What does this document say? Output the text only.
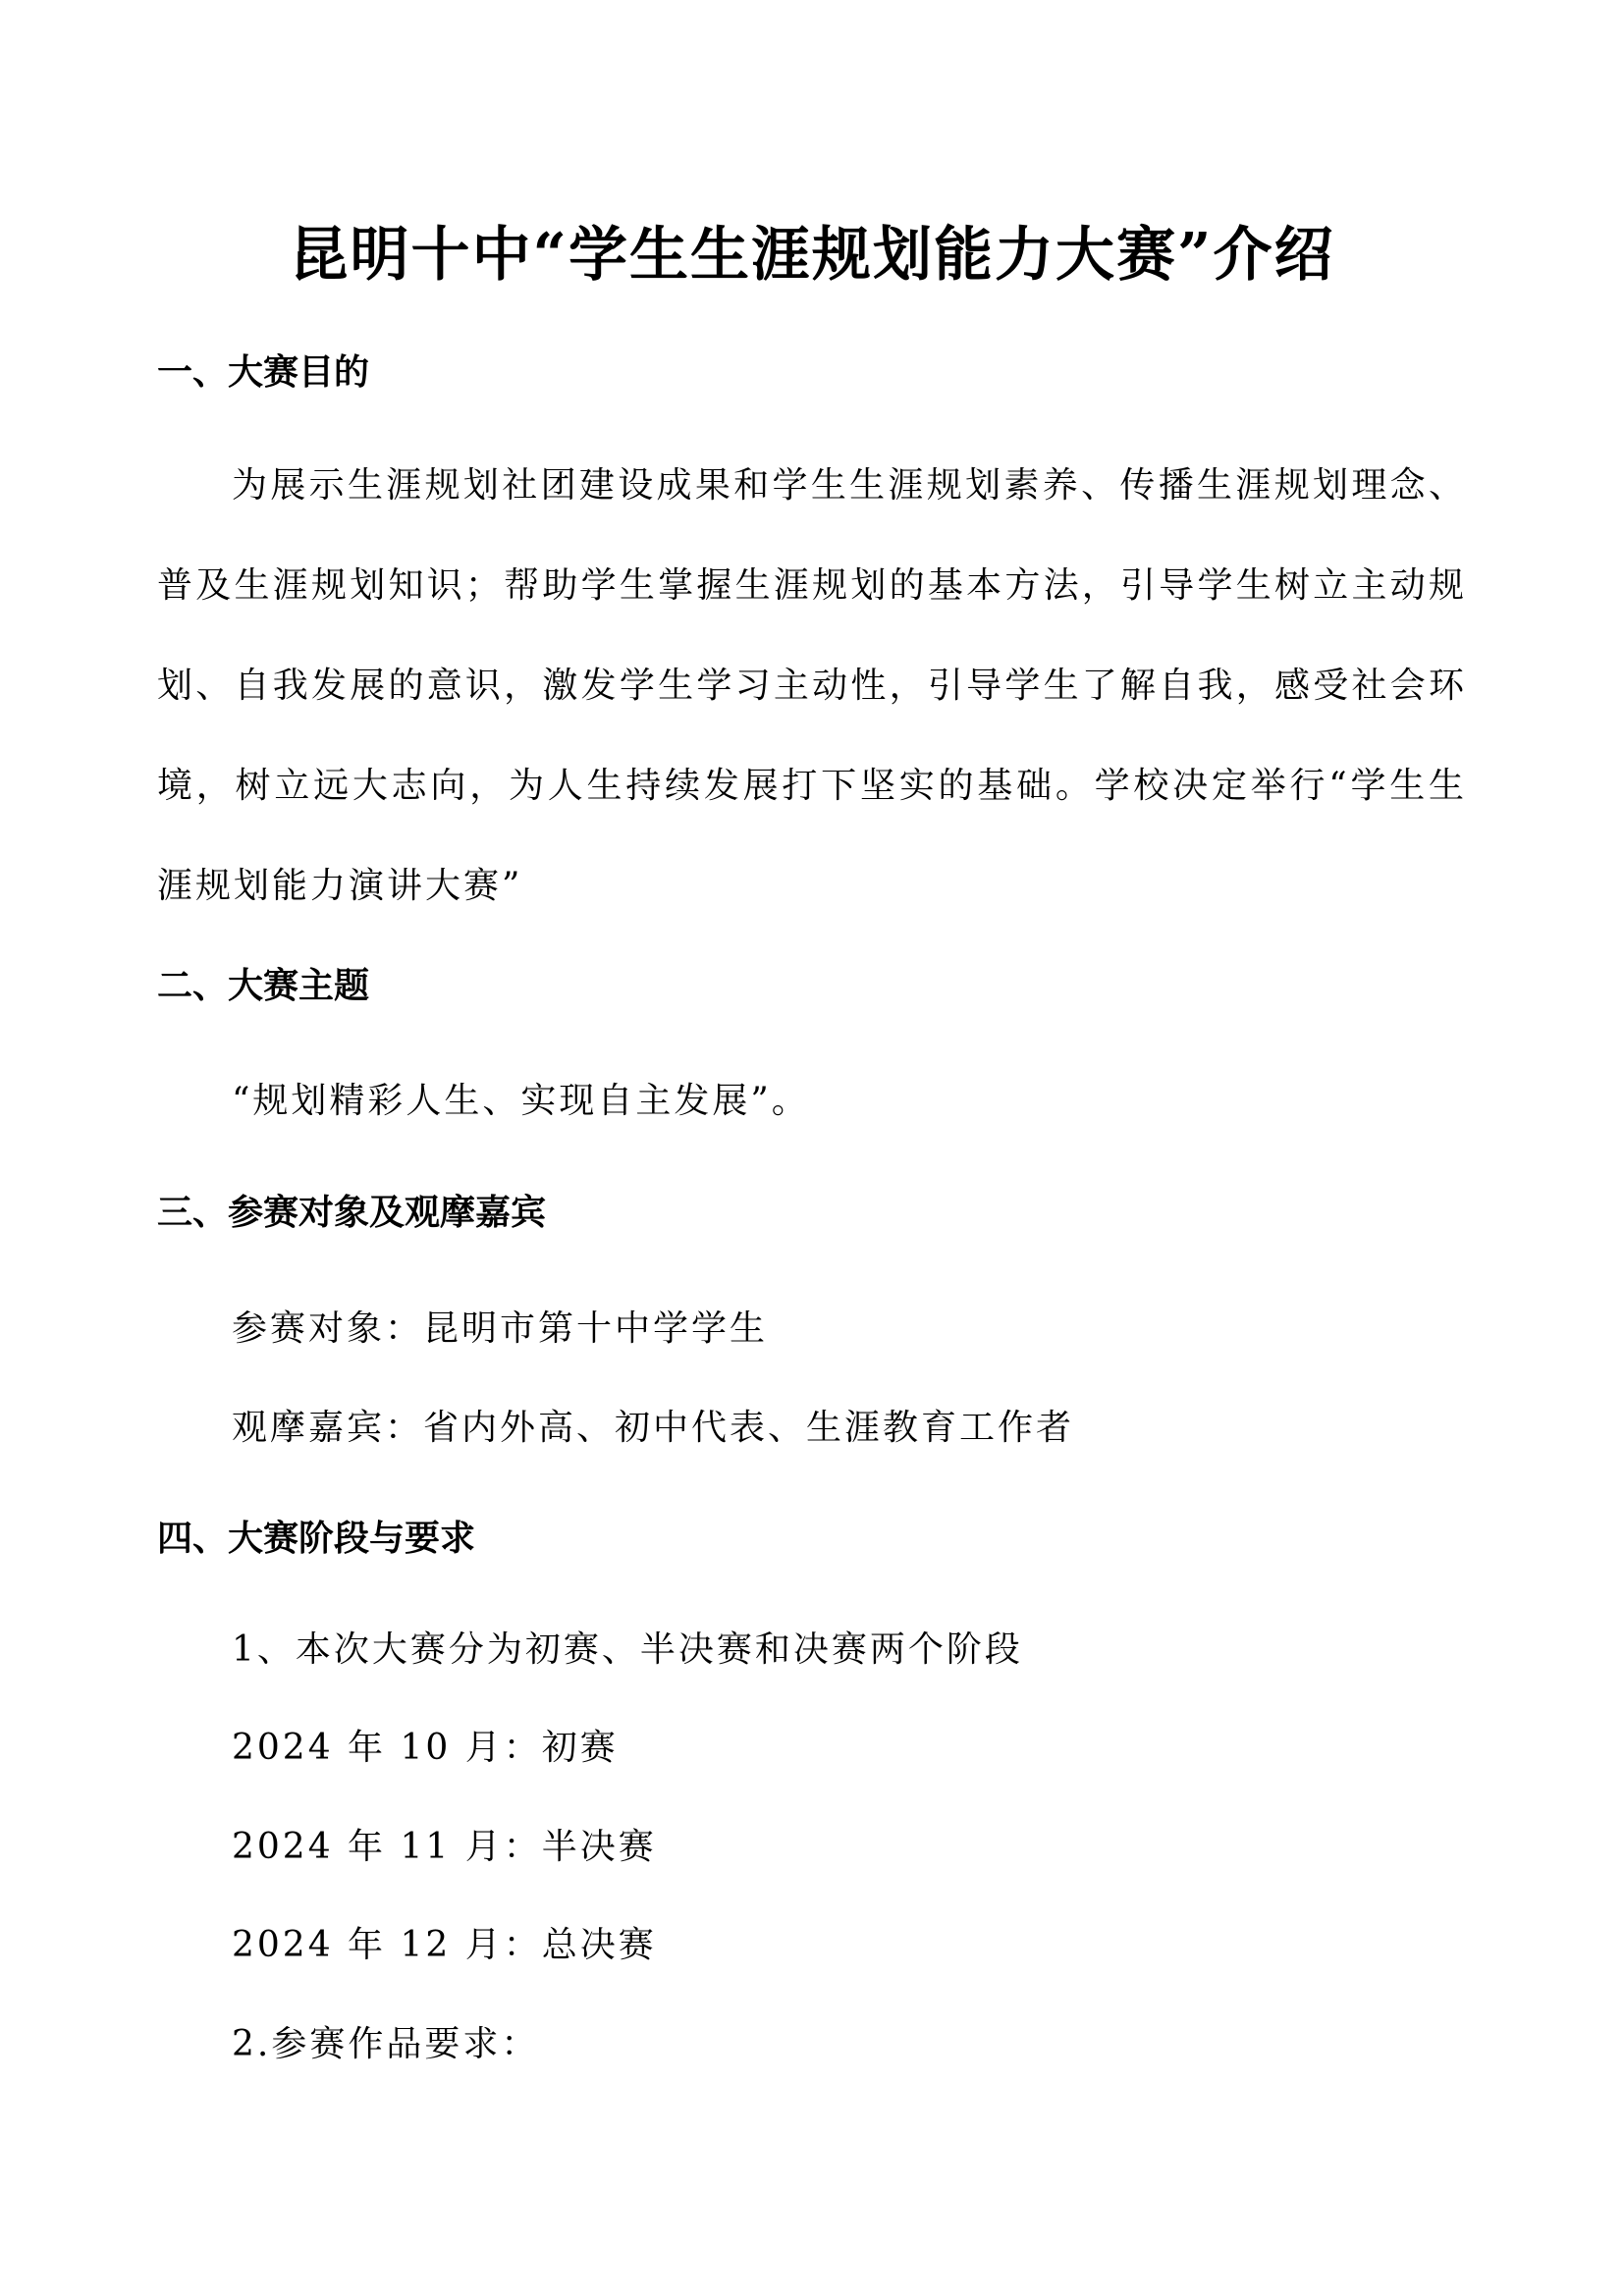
昆明十中“学生生涯规划能力大赛”介绍
一、大赛目的

为展示生涯规划社团建设成果和学生生涯规划素养、传播生涯规划理念、普及生涯规划知识；帮助学生掌握生涯规划的基本方法，引导学生树立主动规划、自我发展的意识，激发学生学习主动性，引导学生了解自我，感受社会环境，树立远大志向，为人生持续发展打下坚实的基础。学校决定举行“学生生涯规划能力演讲大赛”

二、大赛主题
“规划精彩人生、实现自主发展”。
三、参赛对象及观摩嘉宾
参赛对象：昆明市第十中学学生
观摩嘉宾：省内外高、初中代表、生涯教育工作者
四、大赛阶段与要求
1、本次大赛分为初赛、半决赛和决赛两个阶段
2024 年 10 月：初赛
2024 年 11 月：半决赛
2024 年 12 月：总决赛
2.参赛作品要求：
